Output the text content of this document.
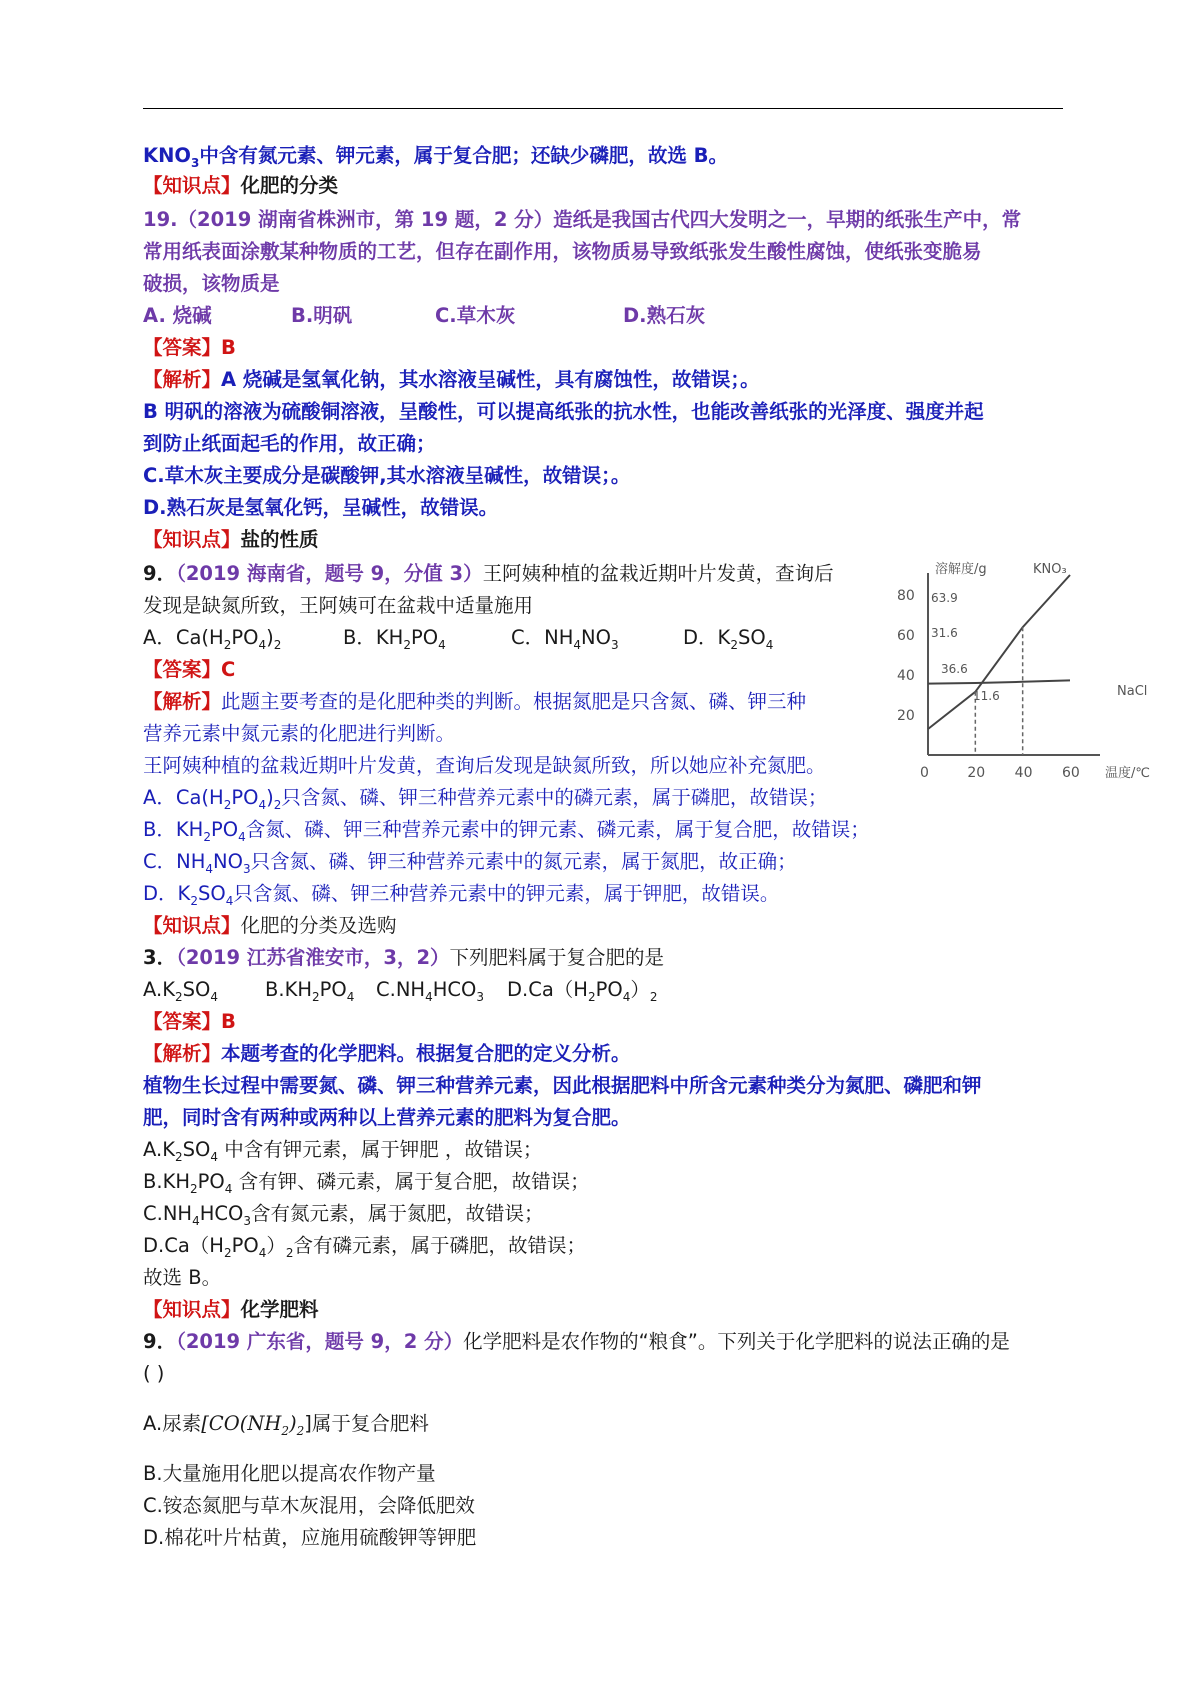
$KNO_3$中含有氮元素、钾元素，属于复合肥；还缺少磷肥，故选 B。
【知识点】化肥的分类
19.（2019 湖南省株洲市，第 19 题，2 分）造纸是我国古代四大发明之一，早期的纸张生产中，常
常用纸表面涂敷某种物质的工艺，但存在副作用，该物质易导致纸张发生酸性腐蚀，使纸张变脆易
破损，该物质是
A. 烧碱	B.明矾	C.草木灰	D.熟石灰
【答案】B
【解析】A 烧碱是氢氧化钠，其水溶液呈碱性，具有腐蚀性，故错误；。
B 明矾的溶液为硫酸铜溶液，呈酸性，可以提高纸张的抗水性，也能改善纸张的光泽度、强度并起
到防止纸面起毛的作用，故正确；
C.草木灰主要成分是碳酸钾,其水溶液呈碱性，故错误；。
D.熟石灰是氢氧化钙，呈碱性，故错误。
【知识点】盐的性质
9．（2019 海南省，题号 9，分值 3）王阿姨种植的盆栽近期叶片发黄，查询后
发现是缺氮所致，王阿姨可在盆栽中适量施用
A．$Ca(H_2PO_4)_2$	B．$KH_2PO_4$	C．$NH_4NO_3$	D．$K_2SO_4$
【答案】C
【解析】此题主要考查的是化肥种类的判断。根据氮肥是只含氮、磷、钾三种
营养元素中氮元素的化肥进行判断。
王阿姨种植的盆栽近期叶片发黄，查询后发现是缺氮所致，所以她应补充氮肥。
A．$Ca(H_2PO_4)_2$只含氮、磷、钾三种营养元素中的磷元素，属于磷肥，故错误；
B．$KH_2PO_4$含氮、磷、钾三种营养元素中的钾元素、磷元素，属于复合肥，故错误；
C．$NH_4NO_3$只含氮、磷、钾三种营养元素中的氮元素，属于氮肥，故正确；
D．$K_2SO_4$只含氮、磷、钾三种营养元素中的钾元素，属于钾肥，故错误。
【知识点】化肥的分类及选购
0	20 40 60
80
60
40
20
溶解度/g
温度/℃
KNO₃
NaCl
63.9
31.6
36.6
11.6
3．（2019 江苏省淮安市，3，2）下列肥料属于复合肥的是
$A.K_2SO_4$ $B.KH_2PO_4$ $C.NH_4HCO_3$ $D.Ca(H_2PO_4)_2$
【答案】B
【解析】本题考查的化学肥料。根据复合肥的定义分析。
植物生长过程中需要氮、磷、钾三种营养元素，因此根据肥料中所含元素种类分为氮肥、磷肥和钾
肥，同时含有两种或两种以上营养元素的肥料为复合肥。
$A.K_2SO_4$ 中含有钾元素，属于钾肥 ，故错误；
$B.KH_2PO_4$ 含有钾、磷元素，属于复合肥，故错误；
$C.NH_4HCO_3$含有氮元素，属于氮肥，故错误；
$D.Ca(H_2PO_4)_2$含有磷元素，属于磷肥，故错误；
故选 B。
【知识点】化学肥料
9．（2019 广东省，题号 9，2 分）化学肥料是农作物的“粮食”。下列关于化学肥料的说法正确的是
( )
A.尿素$[CO(NH_2)_2]$属于复合肥料
B.大量施用化肥以提高农作物产量
C.铵态氮肥与草木灰混用，会降低肥效
D.棉花叶片枯黄，应施用硫酸钾等钾肥
